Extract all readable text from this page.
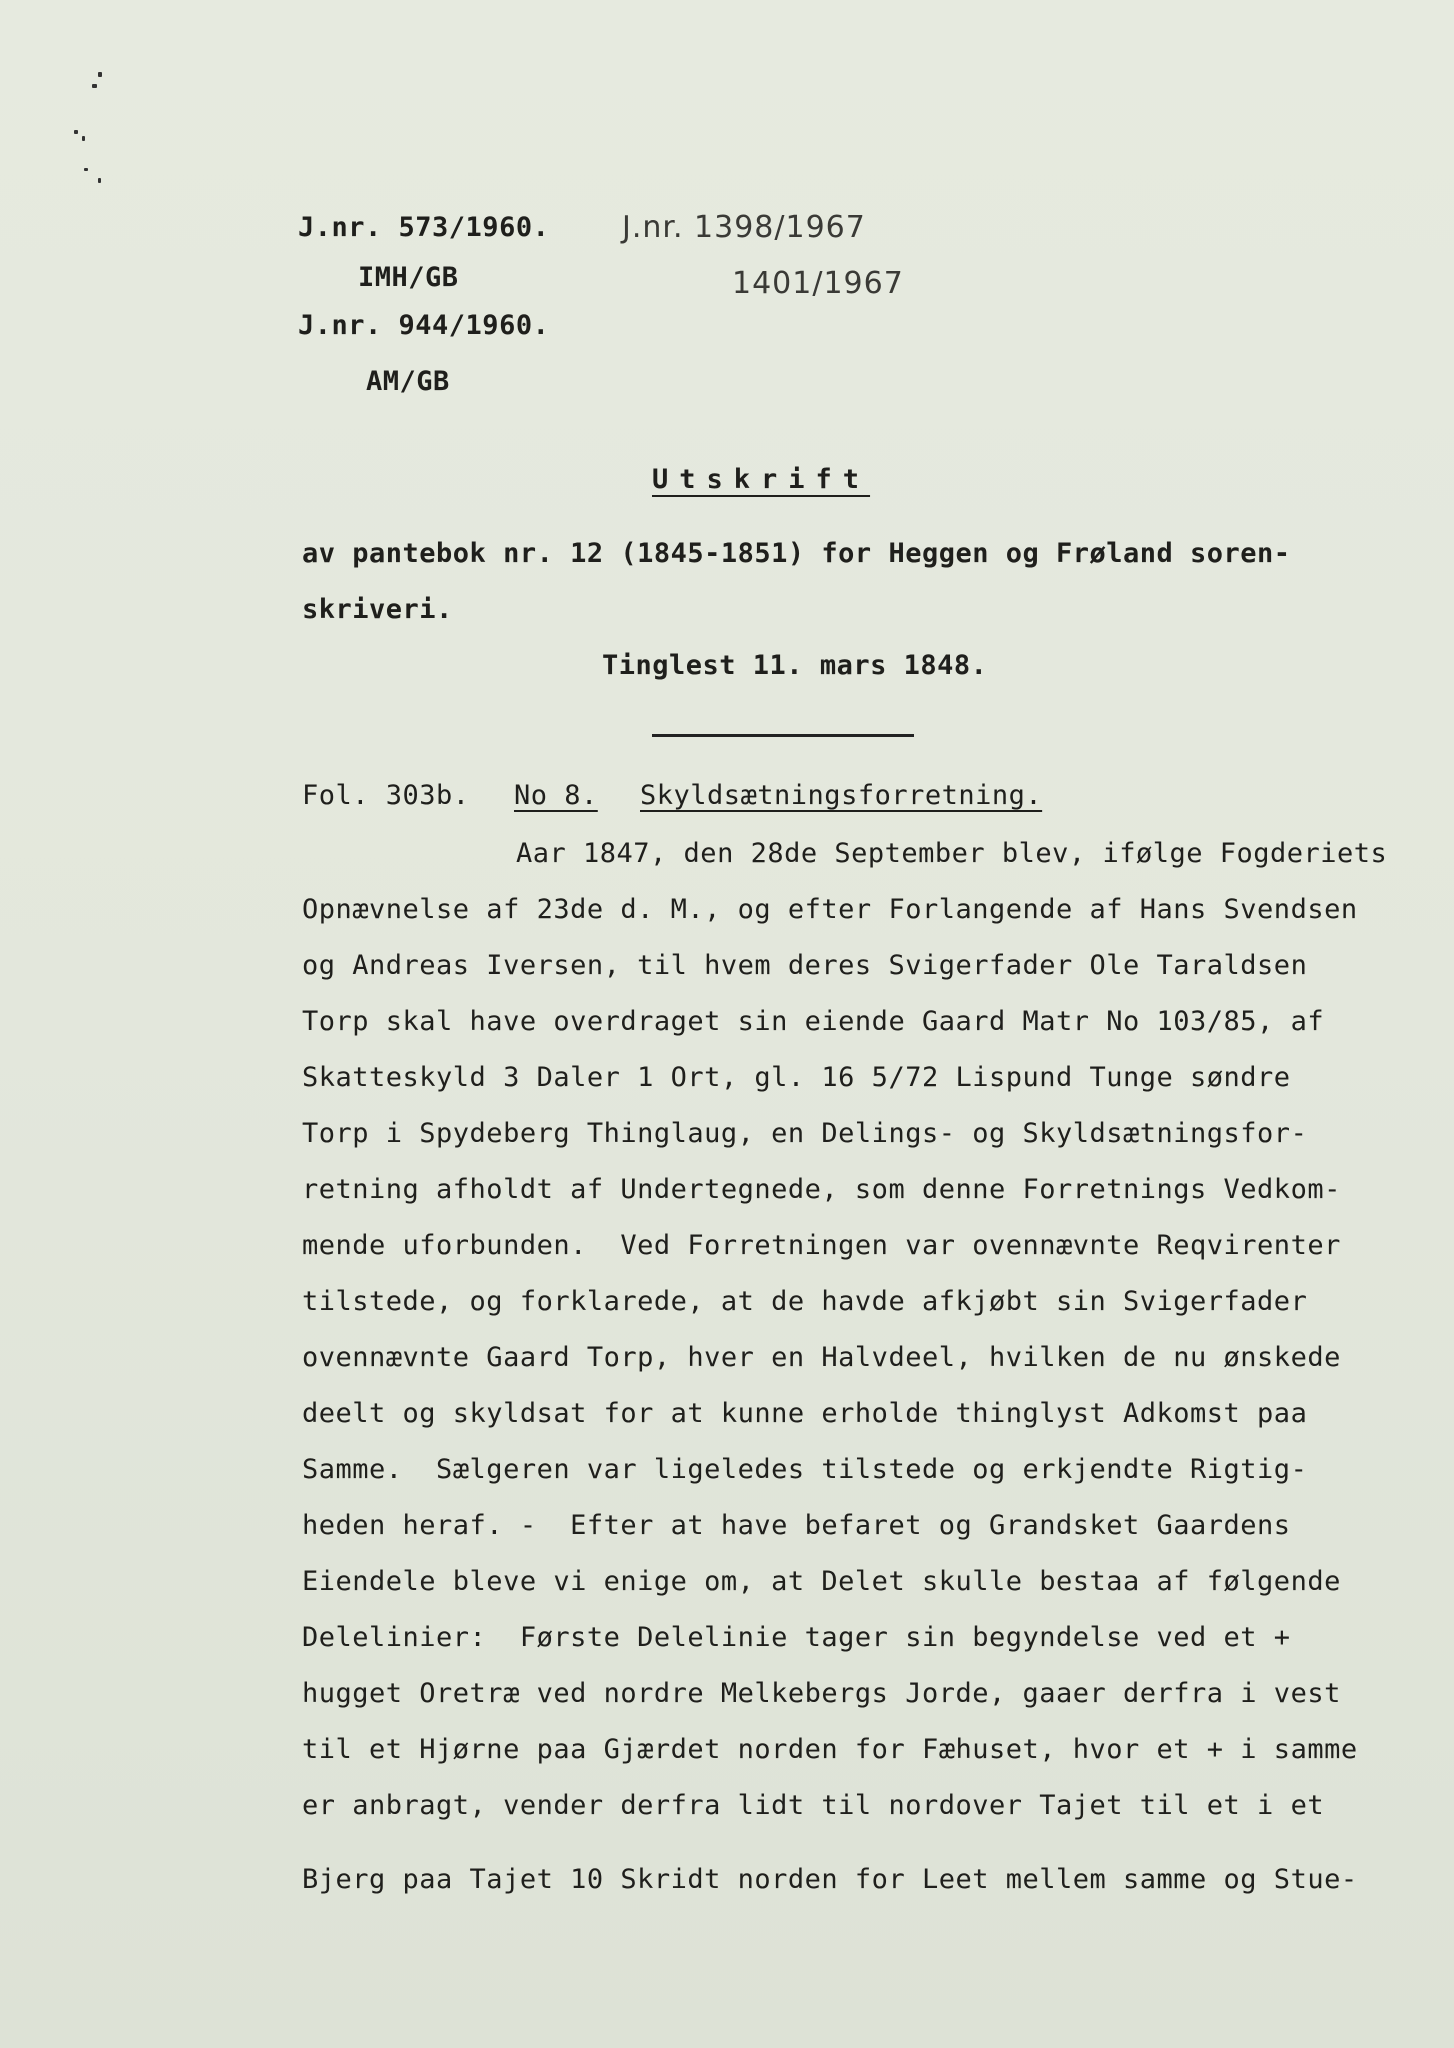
J.nr. 573/1960.
IMH/GB
J.nr. 944/1960.
AM/GB
J.nr. 1398/1967
1401/1967
Utskrift
av pantebok nr. 12 (1845-1851) for Heggen og Frøland soren-
skriveri.
Tinglest 11. mars 1848.
Fol. 303b. No 8. Skyldsætningsforretning.
Aar 1847, den 28de September blev, ifølge Fogderiets
Opnævnelse af 23de d. M., og efter Forlangende af Hans Svendsen
og Andreas Iversen, til hvem deres Svigerfader Ole Taraldsen
Torp skal have overdraget sin eiende Gaard Matr No 103/85, af
Skatteskyld 3 Daler 1 Ort, gl. 16 5/72 Lispund Tunge søndre
Torp i Spydeberg Thinglaug, en Delings- og Skyldsætningsfor-
retning afholdt af Undertegnede, som denne Forretnings Vedkom-
mende uforbunden.  Ved Forretningen var ovennævnte Reqvirenter
tilstede, og forklarede, at de havde afkjøbt sin Svigerfader
ovennævnte Gaard Torp, hver en Halvdeel, hvilken de nu ønskede
deelt og skyldsat for at kunne erholde thinglyst Adkomst paa
Samme.  Sælgeren var ligeledes tilstede og erkjendte Rigtig-
heden heraf. -  Efter at have befaret og Grandsket Gaardens
Eiendele bleve vi enige om, at Delet skulle bestaa af følgende
Delelinier:  Første Delelinie tager sin begyndelse ved et +
hugget Oretræ ved nordre Melkebergs Jorde, gaaer derfra i vest
til et Hjørne paa Gjærdet norden for Fæhuset, hvor et + i samme
er anbragt, vender derfra lidt til nordover Tajet til et i et
Bjerg paa Tajet 10 Skridt norden for Leet mellem samme og Stue-
